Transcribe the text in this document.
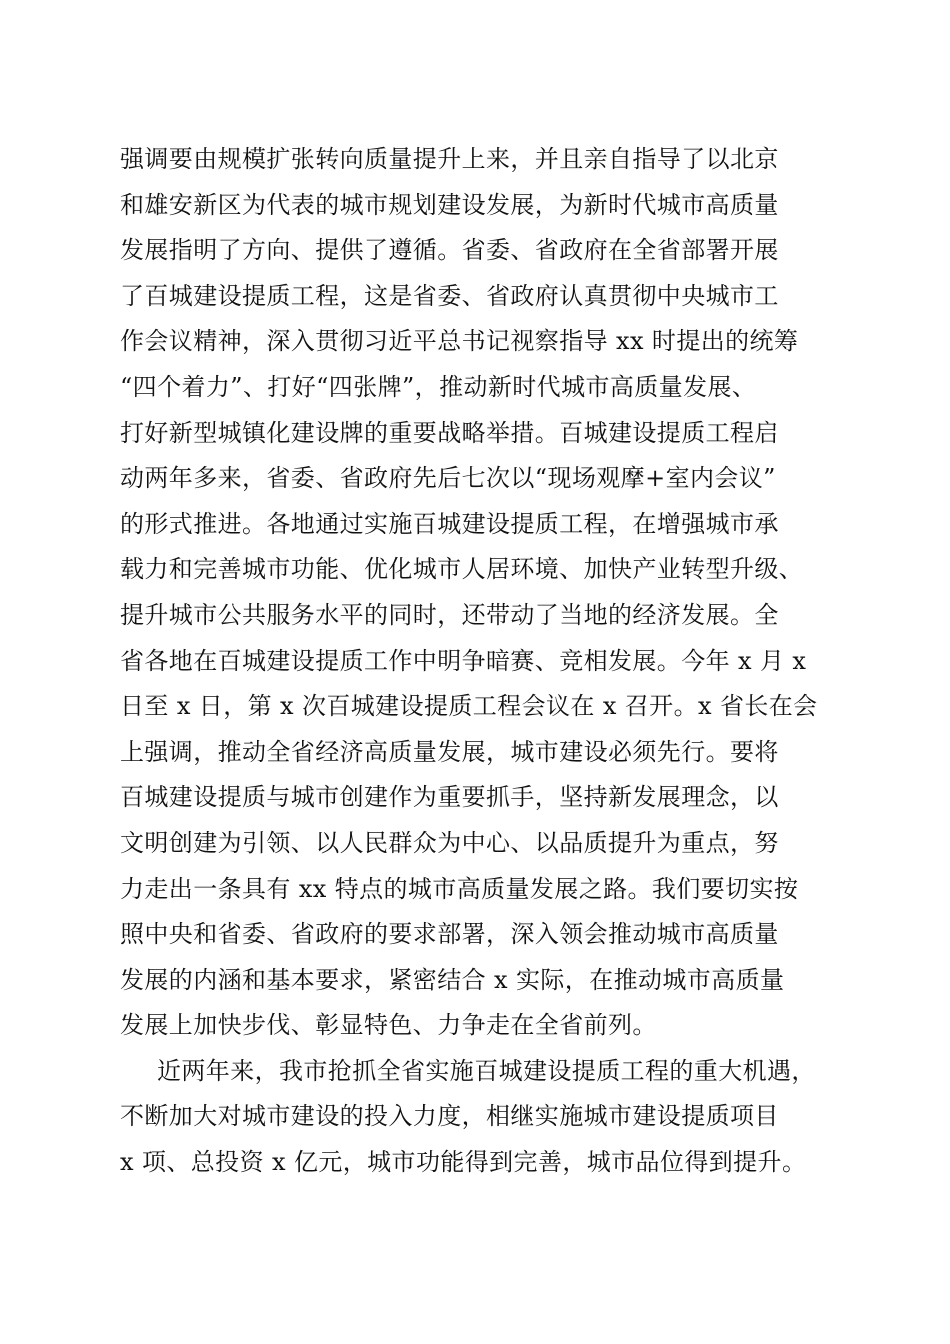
强调要由规模扩张转向质量提升上来，并且亲自指导了以北京
和雄安新区为代表的城市规划建设发展，为新时代城市高质量
发展指明了方向、提供了遵循。省委、省政府在全省部署开展
了百城建设提质工程，这是省委、省政府认真贯彻中央城市工
作会议精神，深入贯彻习近平总书记视察指导 xx 时提出的统筹
“四个着力”、打好“四张牌”，推动新时代城市高质量发展、
打好新型城镇化建设牌的重要战略举措。百城建设提质工程启
动两年多来，省委、省政府先后七次以“现场观摩+室内会议”
的形式推进。各地通过实施百城建设提质工程，在增强城市承
载力和完善城市功能、优化城市人居环境、加快产业转型升级、
提升城市公共服务水平的同时，还带动了当地的经济发展。全
省各地在百城建设提质工作中明争暗赛、竞相发展。今年 x 月 x
日至 x 日，第 x 次百城建设提质工程会议在 x 召开。x 省长在会
上强调，推动全省经济高质量发展，城市建设必须先行。要将
百城建设提质与城市创建作为重要抓手，坚持新发展理念，以
文明创建为引领、以人民群众为中心、以品质提升为重点，努
力走出一条具有 xx 特点的城市高质量发展之路。我们要切实按
照中央和省委、省政府的要求部署，深入领会推动城市高质量
发展的内涵和基本要求，紧密结合 x 实际，在推动城市高质量
发展上加快步伐、彰显特色、力争走在全省前列。
近两年来，我市抢抓全省实施百城建设提质工程的重大机遇，
不断加大对城市建设的投入力度，相继实施城市建设提质项目
x 项、总投资 x 亿元，城市功能得到完善，城市品位得到提升。
